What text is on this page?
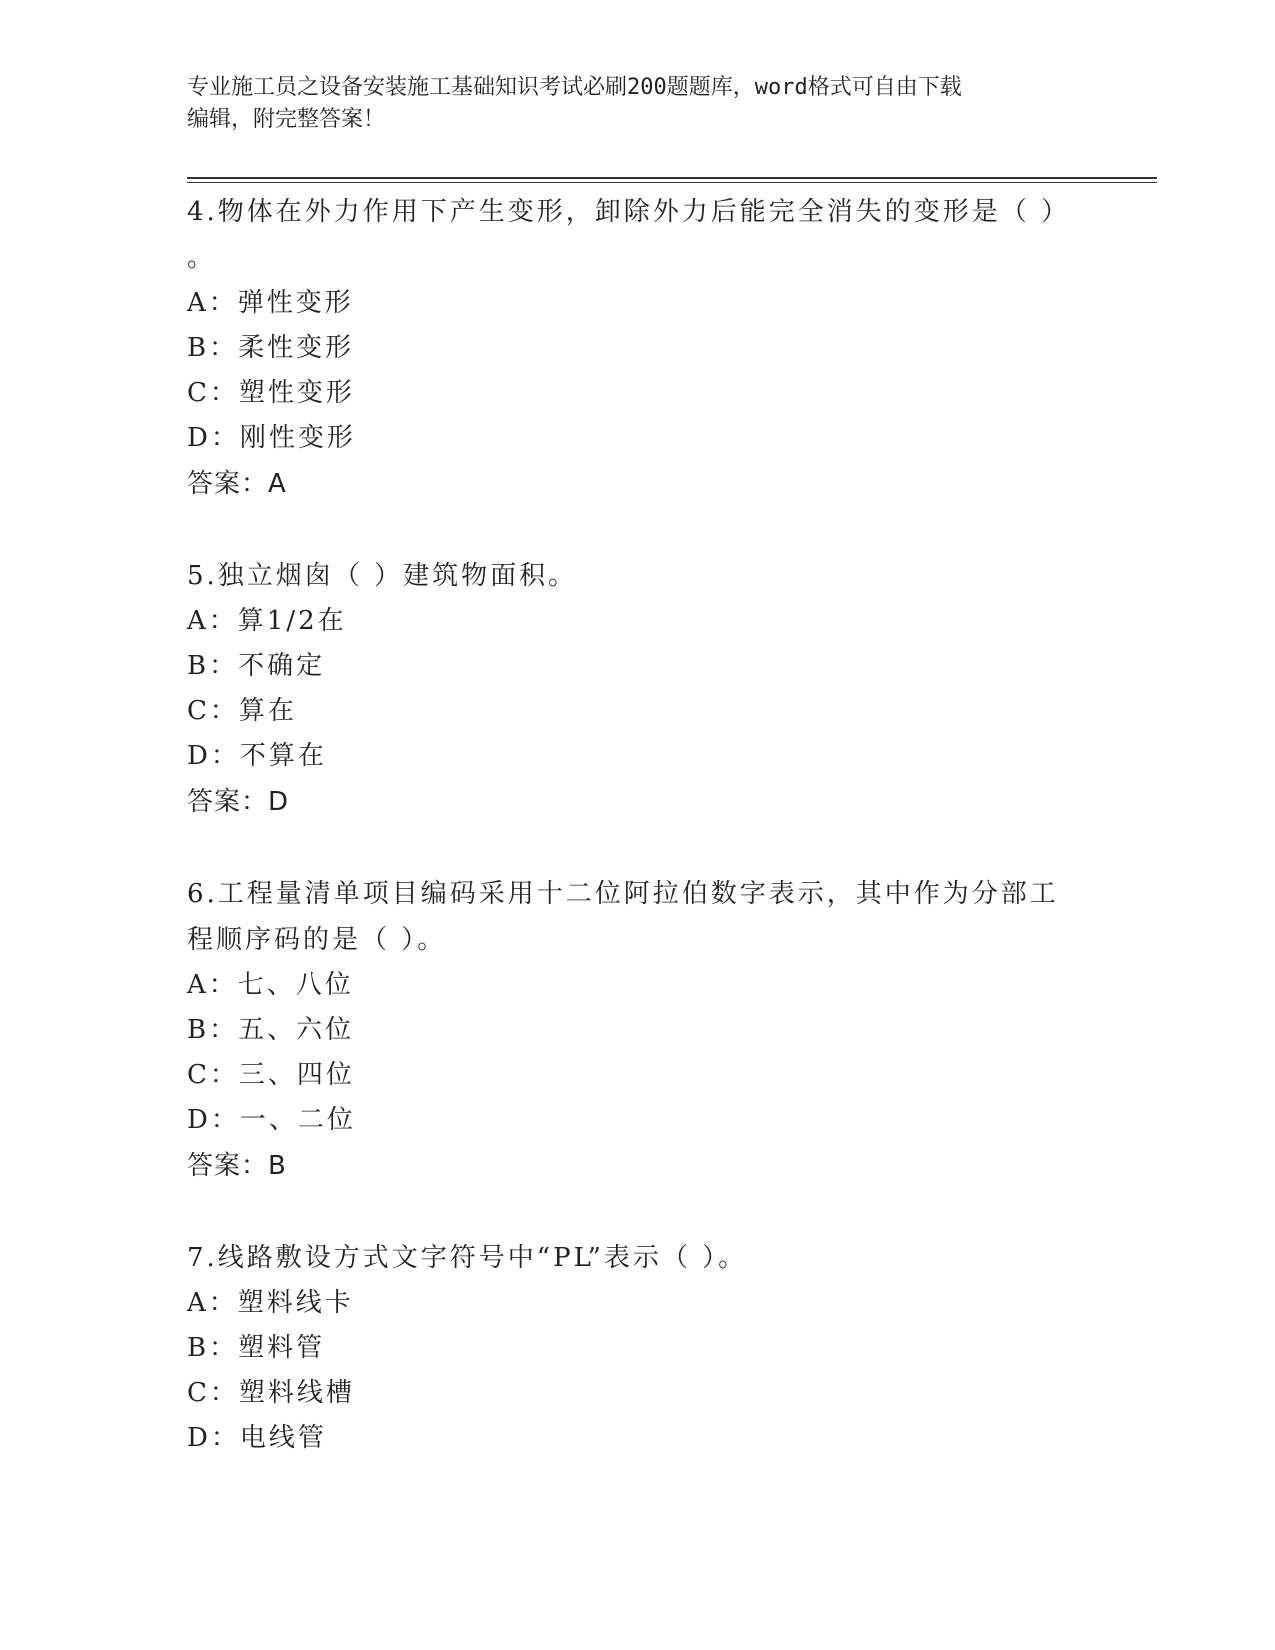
专业施工员之设备安装施工基础知识考试必刷200题题库，word格式可自由下载
编辑，附完整答案！
4.物体在外力作用下产生变形，卸除外力后能完全消失的变形是（ ）
。
A：弹性变形
B：柔性变形
C：塑性变形
D：刚性变形
答案：A
5.独立烟囱（ ）建筑物面积。
A：算1/2在
B：不确定
C：算在
D：不算在
答案：D
6.工程量清单项目编码采用十二位阿拉伯数字表示，其中作为分部工
程顺序码的是（ ）。
A：七、八位
B：五、六位
C：三、四位
D：一、二位
答案：B
7.线路敷设方式文字符号中“PL”表示（ ）。
A：塑料线卡
B：塑料管
C：塑料线槽
D：电线管
